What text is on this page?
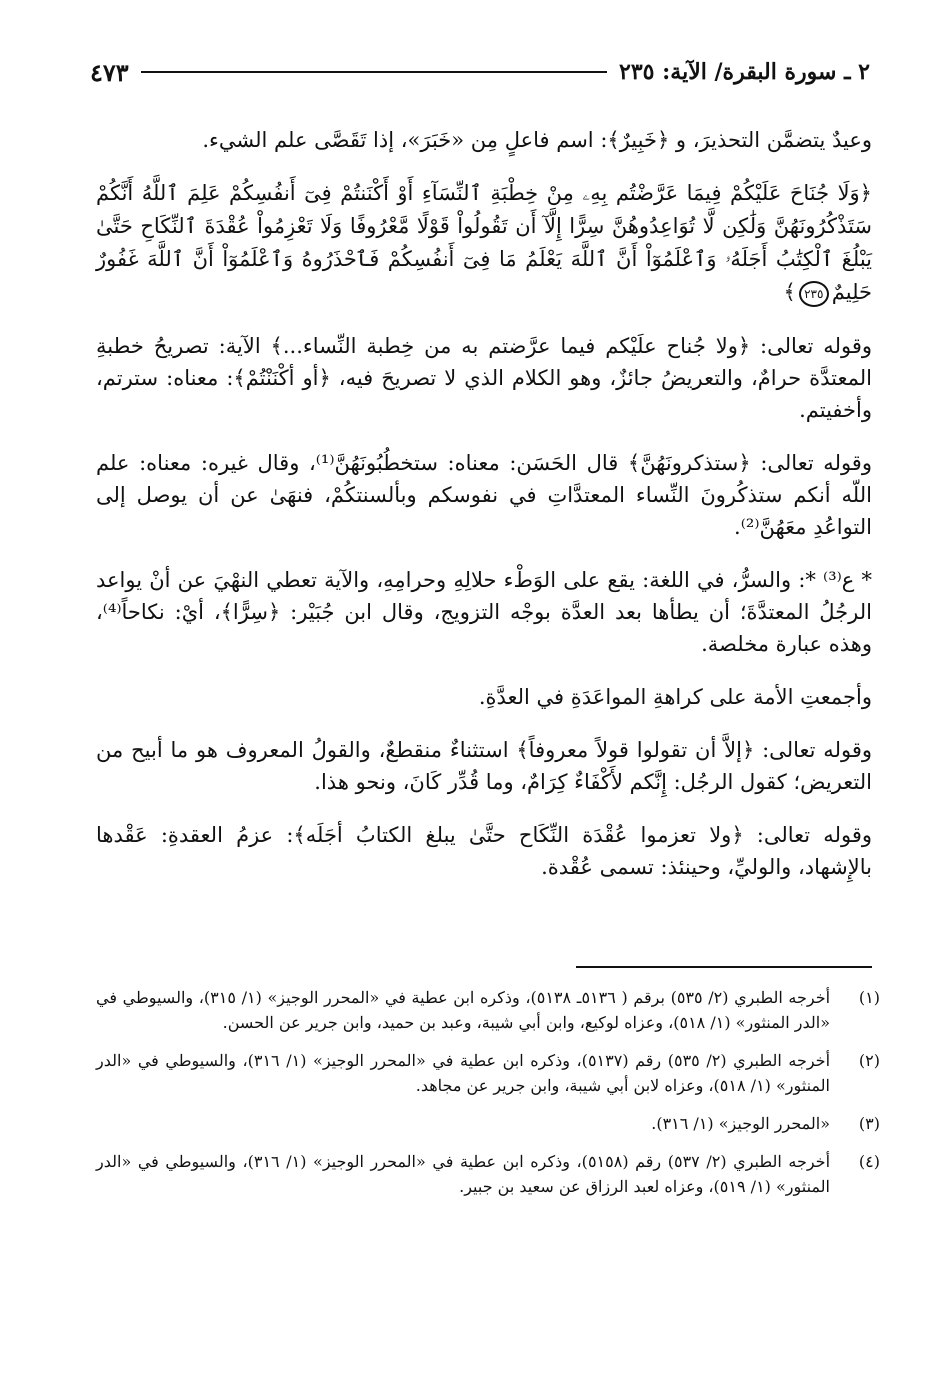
٢ ـ سورة البقرة/ الآية: ٢٣٥
٤٧٣

وعيدٌ يتضمَّن التحذيرَ، و ﴿خَبِيرٌ﴾: اسم فاعلٍ مِن «خَبَرَ»، إذا تَقَصَّى علم الشيء.

﴿وَلَا جُنَاحَ عَلَيْكُمْ فِيمَا عَرَّضْتُم بِهِۦ مِنْ خِطْبَةِ ٱلنِّسَآءِ أَوْ أَكْنَنتُمْ فِىٓ أَنفُسِكُمْ عَلِمَ ٱللَّهُ أَنَّكُمْ سَتَذْكُرُونَهُنَّ وَلَٰكِن لَّا تُوَاعِدُوهُنَّ سِرًّا إِلَّآ أَن تَقُولُواْ قَوْلًا مَّعْرُوفًا وَلَا تَعْزِمُواْ عُقْدَةَ ٱلنِّكَاحِ حَتَّىٰ يَبْلُغَ ٱلْكِتَٰبُ أَجَلَهُۥ وَٱعْلَمُوٓاْ أَنَّ ٱللَّهَ يَعْلَمُ مَا فِىٓ أَنفُسِكُمْ فَٱحْذَرُوهُ وَٱعْلَمُوٓاْ أَنَّ ٱللَّهَ غَفُورٌ حَلِيمٌ٢٣٥﴾

وقوله تعالى: ﴿ولا جُناح علَيْكم فيما عرَّضتم به من خِطبة النِّساء...﴾ الآية: تصريحُ خطبةِ المعتدَّة حرامٌ، والتعريضُ جائزٌ، وهو الكلام الذي لا تصريحَ فيه، ﴿أو أكْنَنْتُمْ﴾: معناه: سترتم، وأخفيتم.

وقوله تعالى: ﴿ستذكرونَهُنَّ﴾ قال الحَسَن: معناه: ستخطُبُونَهُنَّ⁽¹⁾، وقال غيره: معناه: علم اللّه أنكم ستذكُرونَ النِّساء المعتدَّاتِ في نفوسكم وبألسنتكُمْ، فنهَىٰ عن أن يوصل إلى التواعُدِ معَهُنَّ⁽²⁾.

* ع⁽³⁾ *: والسرُّ، في اللغة: يقع على الوَطْء حلالِهِ وحرامِهِ، والآية تعطي النهْيَ عن أنْ يواعد الرجُلُ المعتدَّةَ؛ أن يطأها بعد العدَّة بوجْه التزويج، وقال ابن جُبَيْر: ﴿سِرًّا﴾، أيْ: نكاحاً⁽⁴⁾، وهذه عبارة مخلصة.

وأجمعتِ الأمة على كراهةِ المواعَدَةِ في العدَّةِ.

وقوله تعالى: ﴿إلاَّ أن تقولوا قولاً معروفاً﴾ استثناءٌ منقطعٌ، والقولُ المعروف هو ما أبيح من التعريض؛ كقول الرجُل: إِنَّكم لأَكْفَاءٌ كِرَامٌ، وما قُدِّر كَانَ، ونحو هذا.

وقوله تعالى: ﴿ولا تعزموا عُقْدَة النِّكَاح حتَّىٰ يبلغ الكتابُ أجَلَه﴾: عزمُ العقدةِ: عَقْدها بالإِشهاد، والوليِّ، وحينئذ: تسمى عُقْدة.

(١)
أخرجه الطبري (٢/ ٥٣٥) برقم ( ٥١٣٦ـ ٥١٣٨)، وذكره ابن عطية في «المحرر الوجيز» (١/ ٣١٥)، والسيوطي في «الدر المنثور» (١/ ٥١٨)، وعزاه لوكيع، وابن أبي شيبة، وعبد بن حميد، وابن جرير عن الحسن.
(٢)
أخرجه الطبري (٢/ ٥٣٥) رقم (٥١٣٧)، وذكره ابن عطية في «المحرر الوجيز» (١/ ٣١٦)، والسيوطي في «الدر المنثور» (١/ ٥١٨)، وعزاه لابن أبي شيبة، وابن جرير عن مجاهد.
(٣)
«المحرر الوجيز» (١/ ٣١٦).
(٤)
أخرجه الطبري (٢/ ٥٣٧) رقم (٥١٥٨)، وذكره ابن عطية في «المحرر الوجيز» (١/ ٣١٦)، والسيوطي في «الدر المنثور» (١/ ٥١٩)، وعزاه لعبد الرزاق عن سعيد بن جبير.
